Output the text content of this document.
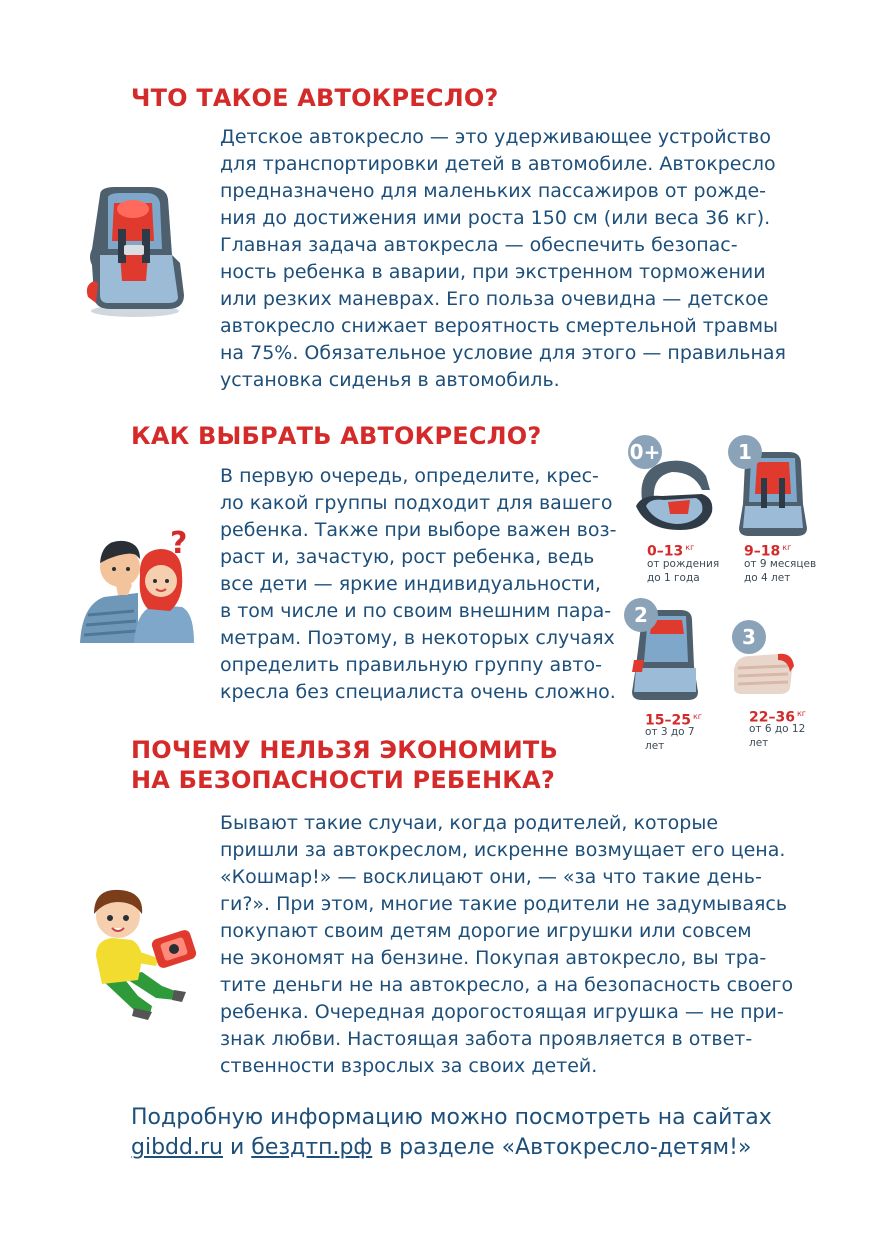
ЧТО ТАКОЕ АВТОКРЕСЛО?
Детское автокресло — это удерживающее устройство
для транспортировки детей в автомобиле. Автокресло
предназначено для маленьких пассажиров от рожде-
ния до достижения ими роста 150 см (или веса 36 кг).
Главная задача автокресла — обеспечить безопас-
ность ребенка в аварии, при экстренном торможении
или резких маневрах. Его польза очевидна — детское
автокресло снижает вероятность смертельной травмы
на 75%. Обязательное условие для этого — правильная
установка сиденья в автомобиль.
КАК ВЫБРАТЬ АВТОКРЕСЛО?
?
В первую очередь, определите, крес-
ло какой группы подходит для вашего
ребенка. Также при выборе важен воз-
раст и, зачастую, рост ребенка, ведь
все дети — яркие индивидуальности,
в том числе и по своим внешним пара-
метрам. Поэтому, в некоторых случаях
определить правильную группу авто-
кресла без специалиста очень сложно.
0+
0–13 $^{кг}$
от рождения
до 1 года
1
9–18 $^{кг}$
от 9 месяцев
до 4 лет
2
15–25 $^{кг}$
от 3 до 7
лет
3
22–36 $^{кг}$
от 6 до 12
лет
ПОЧЕМУ НЕЛЬЗЯ ЭКОНОМИТЬ
НА БЕЗОПАСНОСТИ РЕБЕНКА?
Бывают такие случаи, когда родителей, которые
пришли за автокреслом, искренне возмущает его цена.
«Кошмар!» — восклицают они, — «за что такие день-
ги?». При этом, многие такие родители не задумываясь
покупают своим детям дорогие игрушки или совсем
не экономят на бензине. Покупая автокресло, вы тра-
тите деньги не на автокресло, а на безопасность своего
ребенка. Очередная дорогостоящая игрушка — не при-
знак любви. Настоящая забота проявляется в ответ-
ственности взрослых за своих детей.
Подробную информацию можно посмотреть на сайтах
gibdd.ru и бездтп.рф в разделе «Автокресло-детям!»
